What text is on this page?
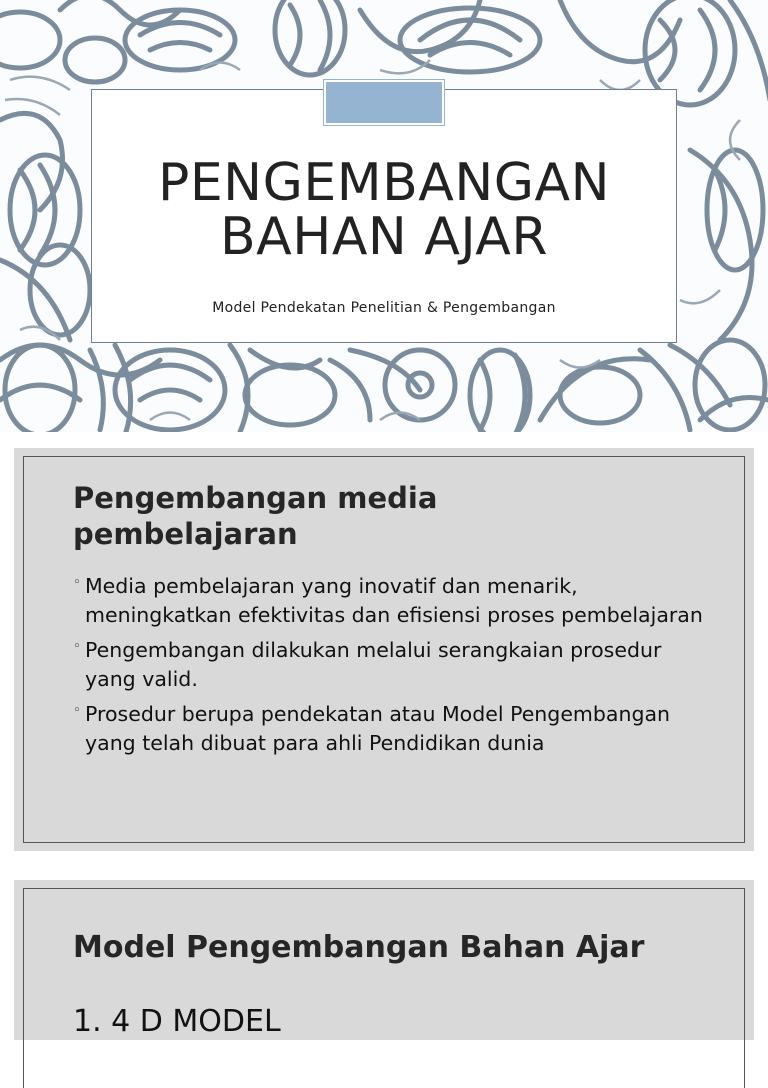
PENGEMBANGAN
BAHAN AJAR

Model Pendekatan Penelitian & Pengembangan

Pengembangan media
pembelajaran
◦ Media pembelajaran yang inovatif dan menarik, meningkatkan efektivitas dan efisiensi proses pembelajaran
◦ Pengembangan dilakukan melalui serangkaian prosedur yang valid.
◦ Prosedur berupa pendekatan atau Model Pengembangan yang telah dibuat para ahli Pendidikan dunia
Model Pengembangan Bahan Ajar

1. 4 D MODEL
